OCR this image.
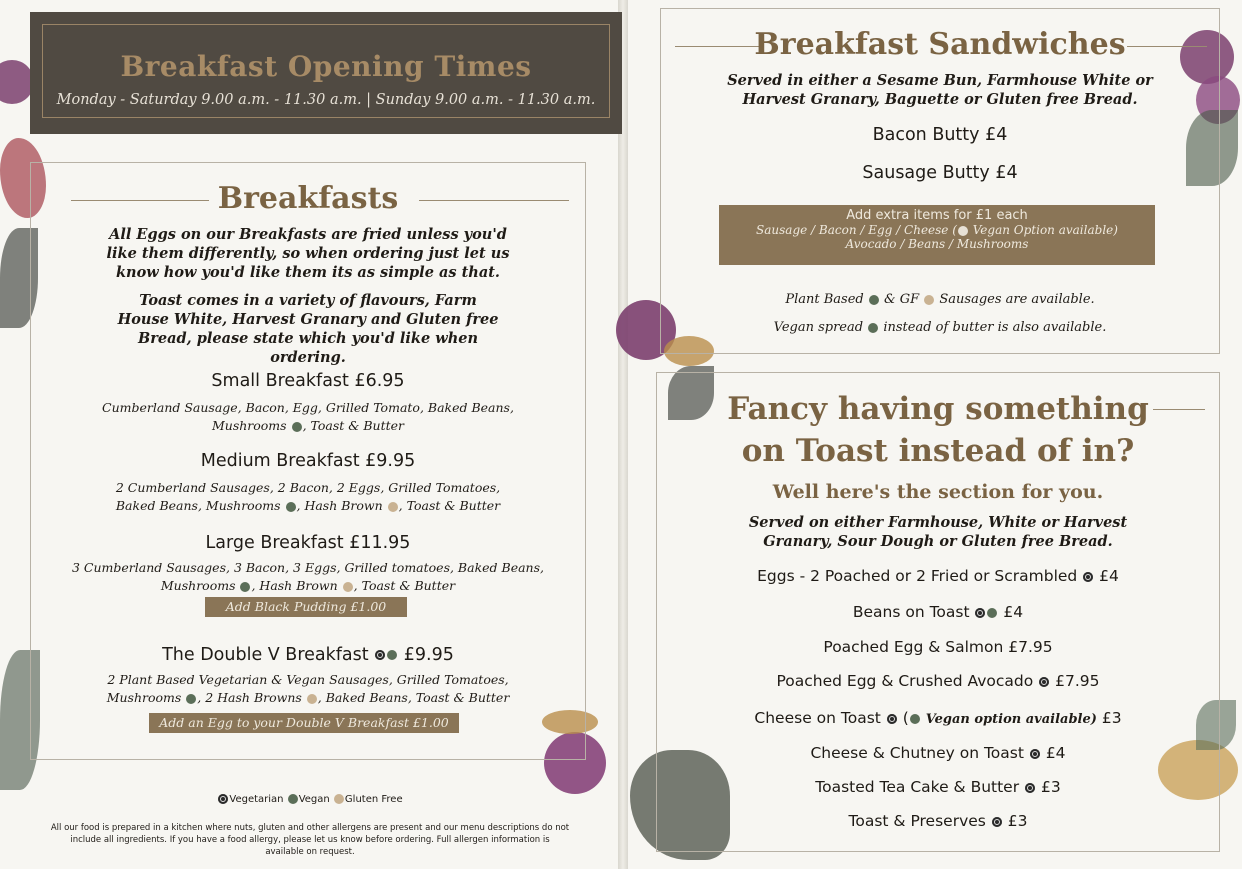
Breakfast Opening Times
Monday - Saturday 9.00 a.m. - 11.30 a.m. | Sunday 9.00 a.m. - 11.30 a.m.
Breakfasts
All Eggs on our Breakfasts are fried unless you'd like them differently, so when ordering just let us know how you'd like them its as simple as that.
Toast comes in a variety of flavours, Farm House White, Harvest Granary and Gluten free Bread, please state which you'd like when ordering.
Small Breakfast £6.95
Cumberland Sausage, Bacon, Egg, Grilled Tomato, Baked Beans,
Mushrooms , Toast & Butter
Medium Breakfast £9.95
2 Cumberland Sausages, 2 Bacon, 2 Eggs, Grilled Tomatoes,
Baked Beans, Mushrooms , Hash Brown , Toast & Butter
Large Breakfast £11.95
3 Cumberland Sausages, 3 Bacon, 3 Eggs, Grilled tomatoes, Baked Beans,
Mushrooms , Hash Brown , Toast & Butter
Add Black Pudding £1.00
The Double V Breakfast £9.95
2 Plant Based Vegetarian & Vegan Sausages, Grilled Tomatoes,
Mushrooms , 2 Hash Browns , Baked Beans, Toast & Butter
Add an Egg to your Double V Breakfast £1.00
Vegetarian Vegan Gluten Free
All our food is prepared in a kitchen where nuts, gluten and other allergens are present and our menu descriptions do not include all ingredients. If you have a food allergy, please let us know before ordering. Full allergen information is available on request.
Breakfast Sandwiches
Served in either a Sesame Bun, Farmhouse White or Harvest Granary, Baguette or Gluten free Bread.
Bacon Butty £4
Sausage Butty £4
Add extra items for £1 each
Sausage / Bacon / Egg / Cheese ( Vegan Option available)
Avocado / Beans / Mushrooms
Plant Based & GF Sausages are available.
Vegan spread instead of butter is also available.
Fancy having something
on Toast instead of in?
Well here's the section for you.
Served on either Farmhouse, White or Harvest Granary, Sour Dough or Gluten free Bread.
Eggs - 2 Poached or 2 Fried or Scrambled £4
Beans on Toast £4
Poached Egg & Salmon £7.95
Poached Egg & Crushed Avocado £7.95
Cheese on Toast  ( Vegan option available) £3
Cheese & Chutney on Toast £4
Toasted Tea Cake & Butter £3
Toast & Preserves £3
